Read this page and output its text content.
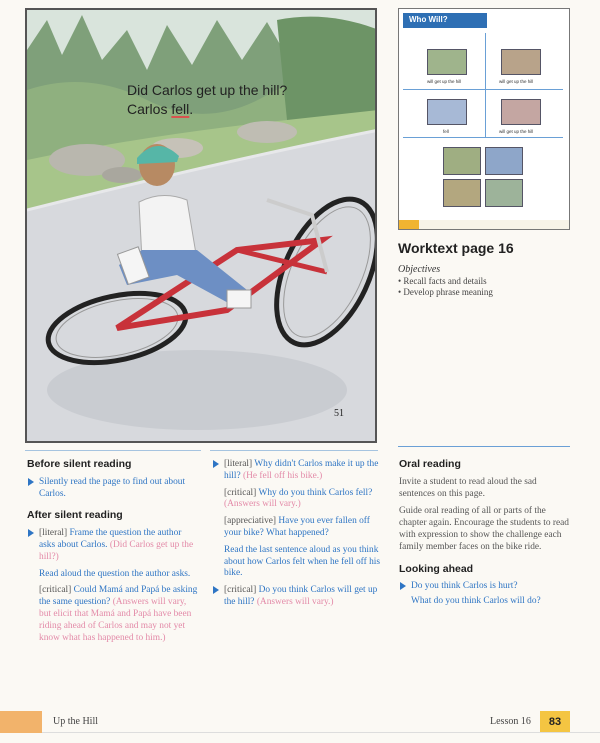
Did Carlos get up the hill?
Carlos fell.
51
Who Will?
will get up the hill	will get up the hill
fell	will get up the hill
Worktext page 16
Objectives
• Recall facts and details
• Develop phrase meaning
Before silent reading
Silently read the page to find out about Carlos.
After silent reading
[literal] Frame the question the author asks about Carlos. (Did Carlos get up the hill?)
Read aloud the question the author asks.
[critical] Could Mamá and Papá be asking the same question? (Answers will vary, but elicit that Mamá and Papá have been riding ahead of Carlos and may not yet know what has happened to him.)
[literal] Why didn't Carlos make it up the hill? (He fell off his bike.)
[critical] Why do you think Carlos fell? (Answers will vary.)
[appreciative] Have you ever fallen off your bike? What happened?
Read the last sentence aloud as you think about how Carlos felt when he fell off his bike.
[critical] Do you think Carlos will get up the hill? (Answers will vary.)
Oral reading
Invite a student to read aloud the sad sentences on this page.
Guide oral reading of all or parts of the chapter again. Encourage the students to read with expression to show the challenge each family member faces on the bike ride.
Looking ahead
Do you think Carlos is hurt?
What do you think Carlos will do?
Up the Hill	Lesson 16	83
